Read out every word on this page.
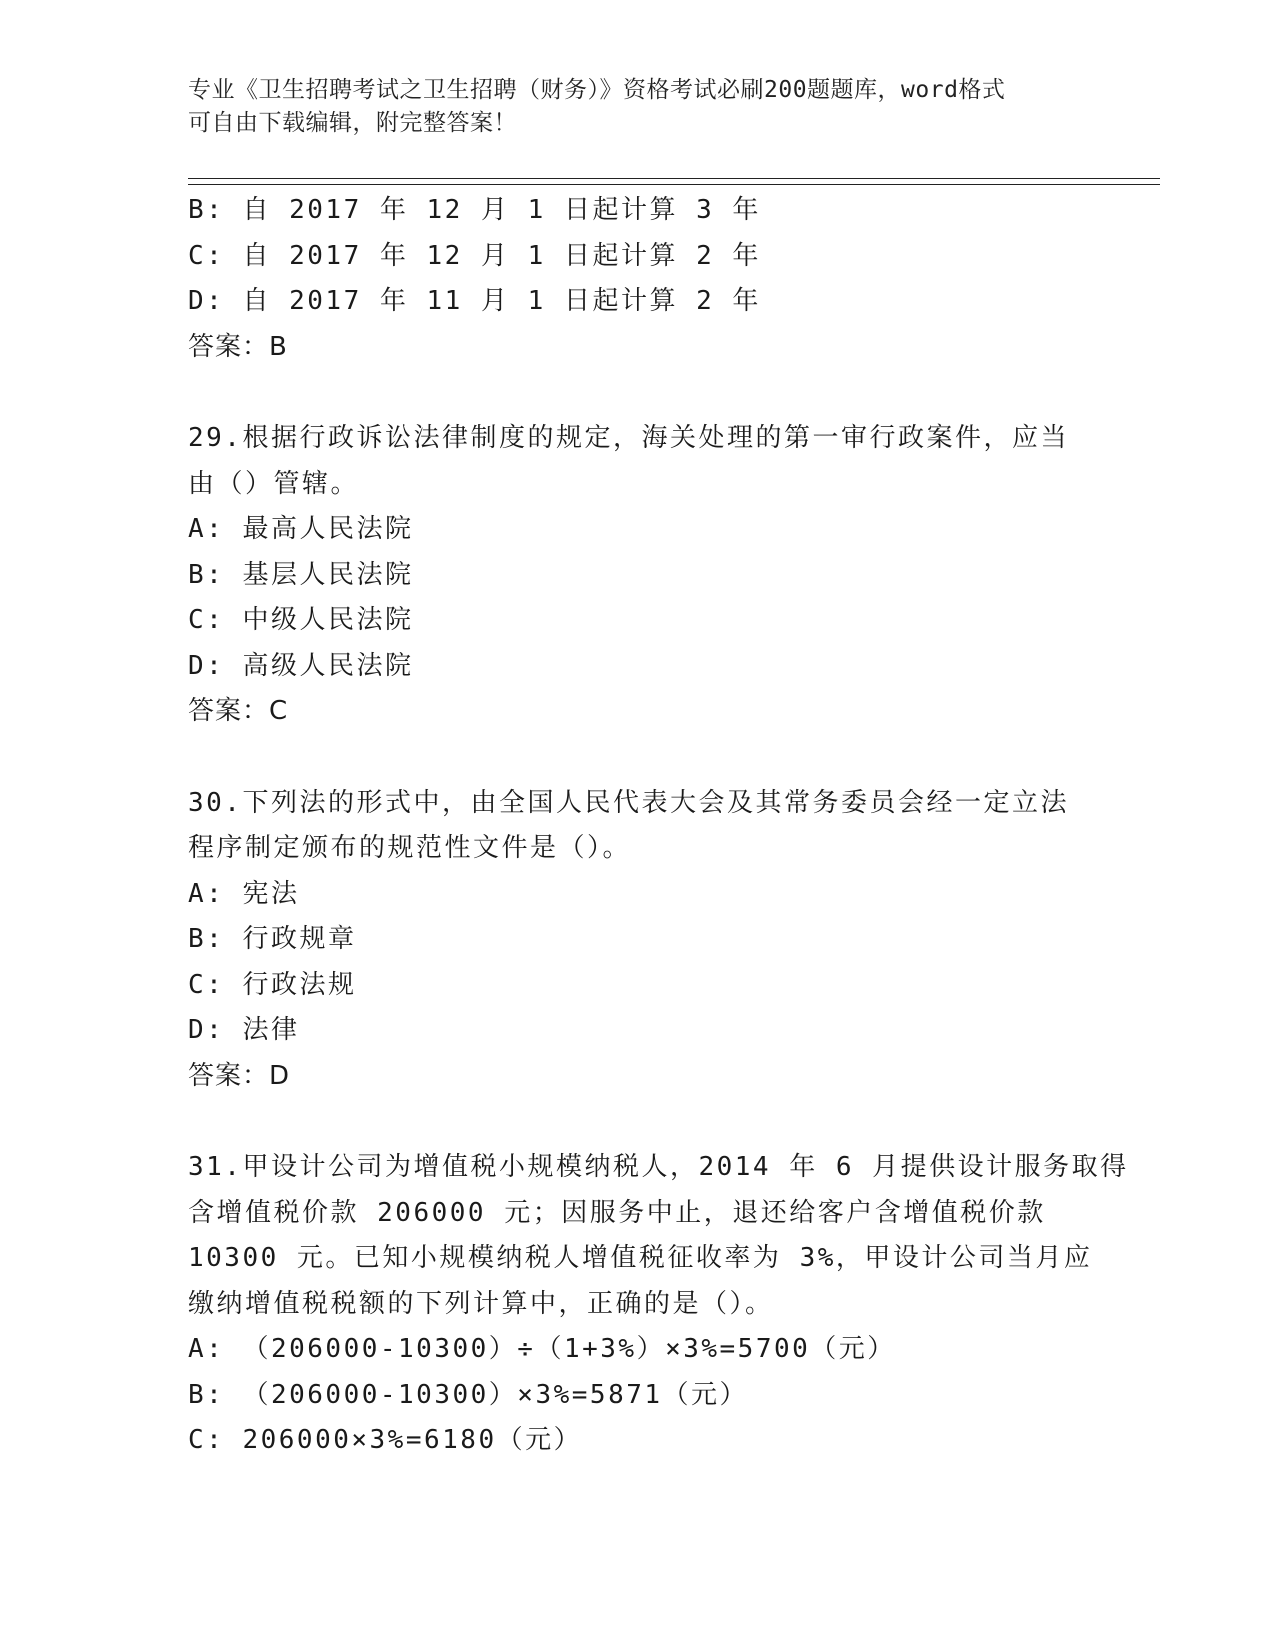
专业《卫生招聘考试之卫生招聘（财务）》资格考试必刷200题题库，word格式
可自由下载编辑，附完整答案！
B: 自 2017 年 12 月 1 日起计算 3 年
C: 自 2017 年 12 月 1 日起计算 2 年
D: 自 2017 年 11 月 1 日起计算 2 年
答案：B
29.根据行政诉讼法律制度的规定，海关处理的第一审行政案件，应当
由（）管辖。
A: 最高人民法院
B: 基层人民法院
C: 中级人民法院
D: 高级人民法院
答案：C
30.下列法的形式中，由全国人民代表大会及其常务委员会经一定立法
程序制定颁布的规范性文件是（）。
A: 宪法
B: 行政规章
C: 行政法规
D: 法律
答案：D
31.甲设计公司为增值税小规模纳税人，2014 年 6 月提供设计服务取得
含增值税价款 206000 元；因服务中止，退还给客户含增值税价款
10300 元。已知小规模纳税人增值税征收率为 3%，甲设计公司当月应
缴纳增值税税额的下列计算中，正确的是（）。
A: （206000-10300）÷（1+3%）×3%=5700（元）
B: （206000-10300）×3%=5871（元）
C: 206000×3%=6180（元）
